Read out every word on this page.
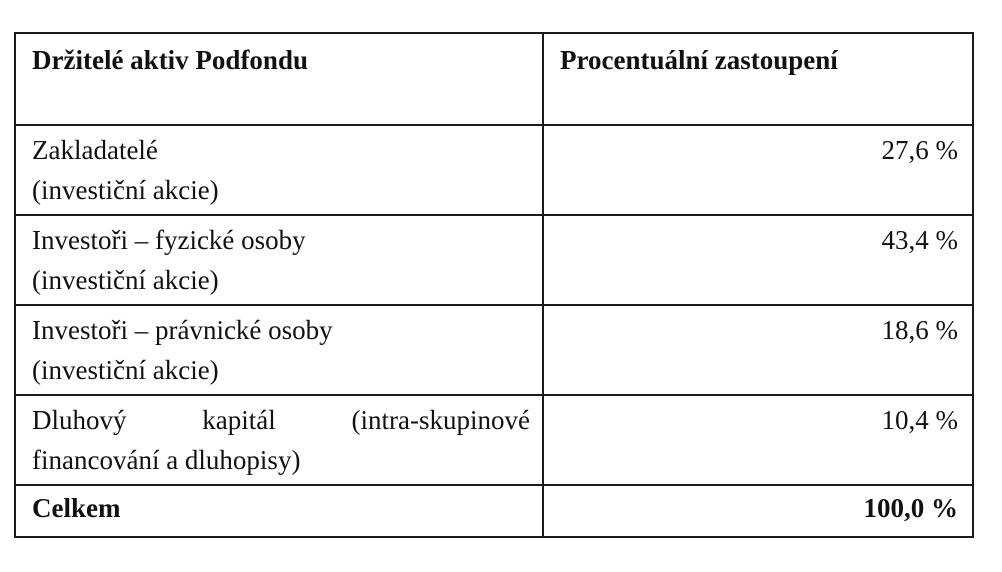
Držitelé aktiv Podfondu	Procentuální zastoupení

Zakladatelé
(investiční akcie)	27,6 %

Investoři – fyzické osoby
(investiční akcie)	43,4 %

Investoři – právnické osoby
(investiční akcie)	18,6 %

Dluhový kapitál (intra-skupinové
financování a dluhopisy)	10,4 %
Celkem	100,0 %
